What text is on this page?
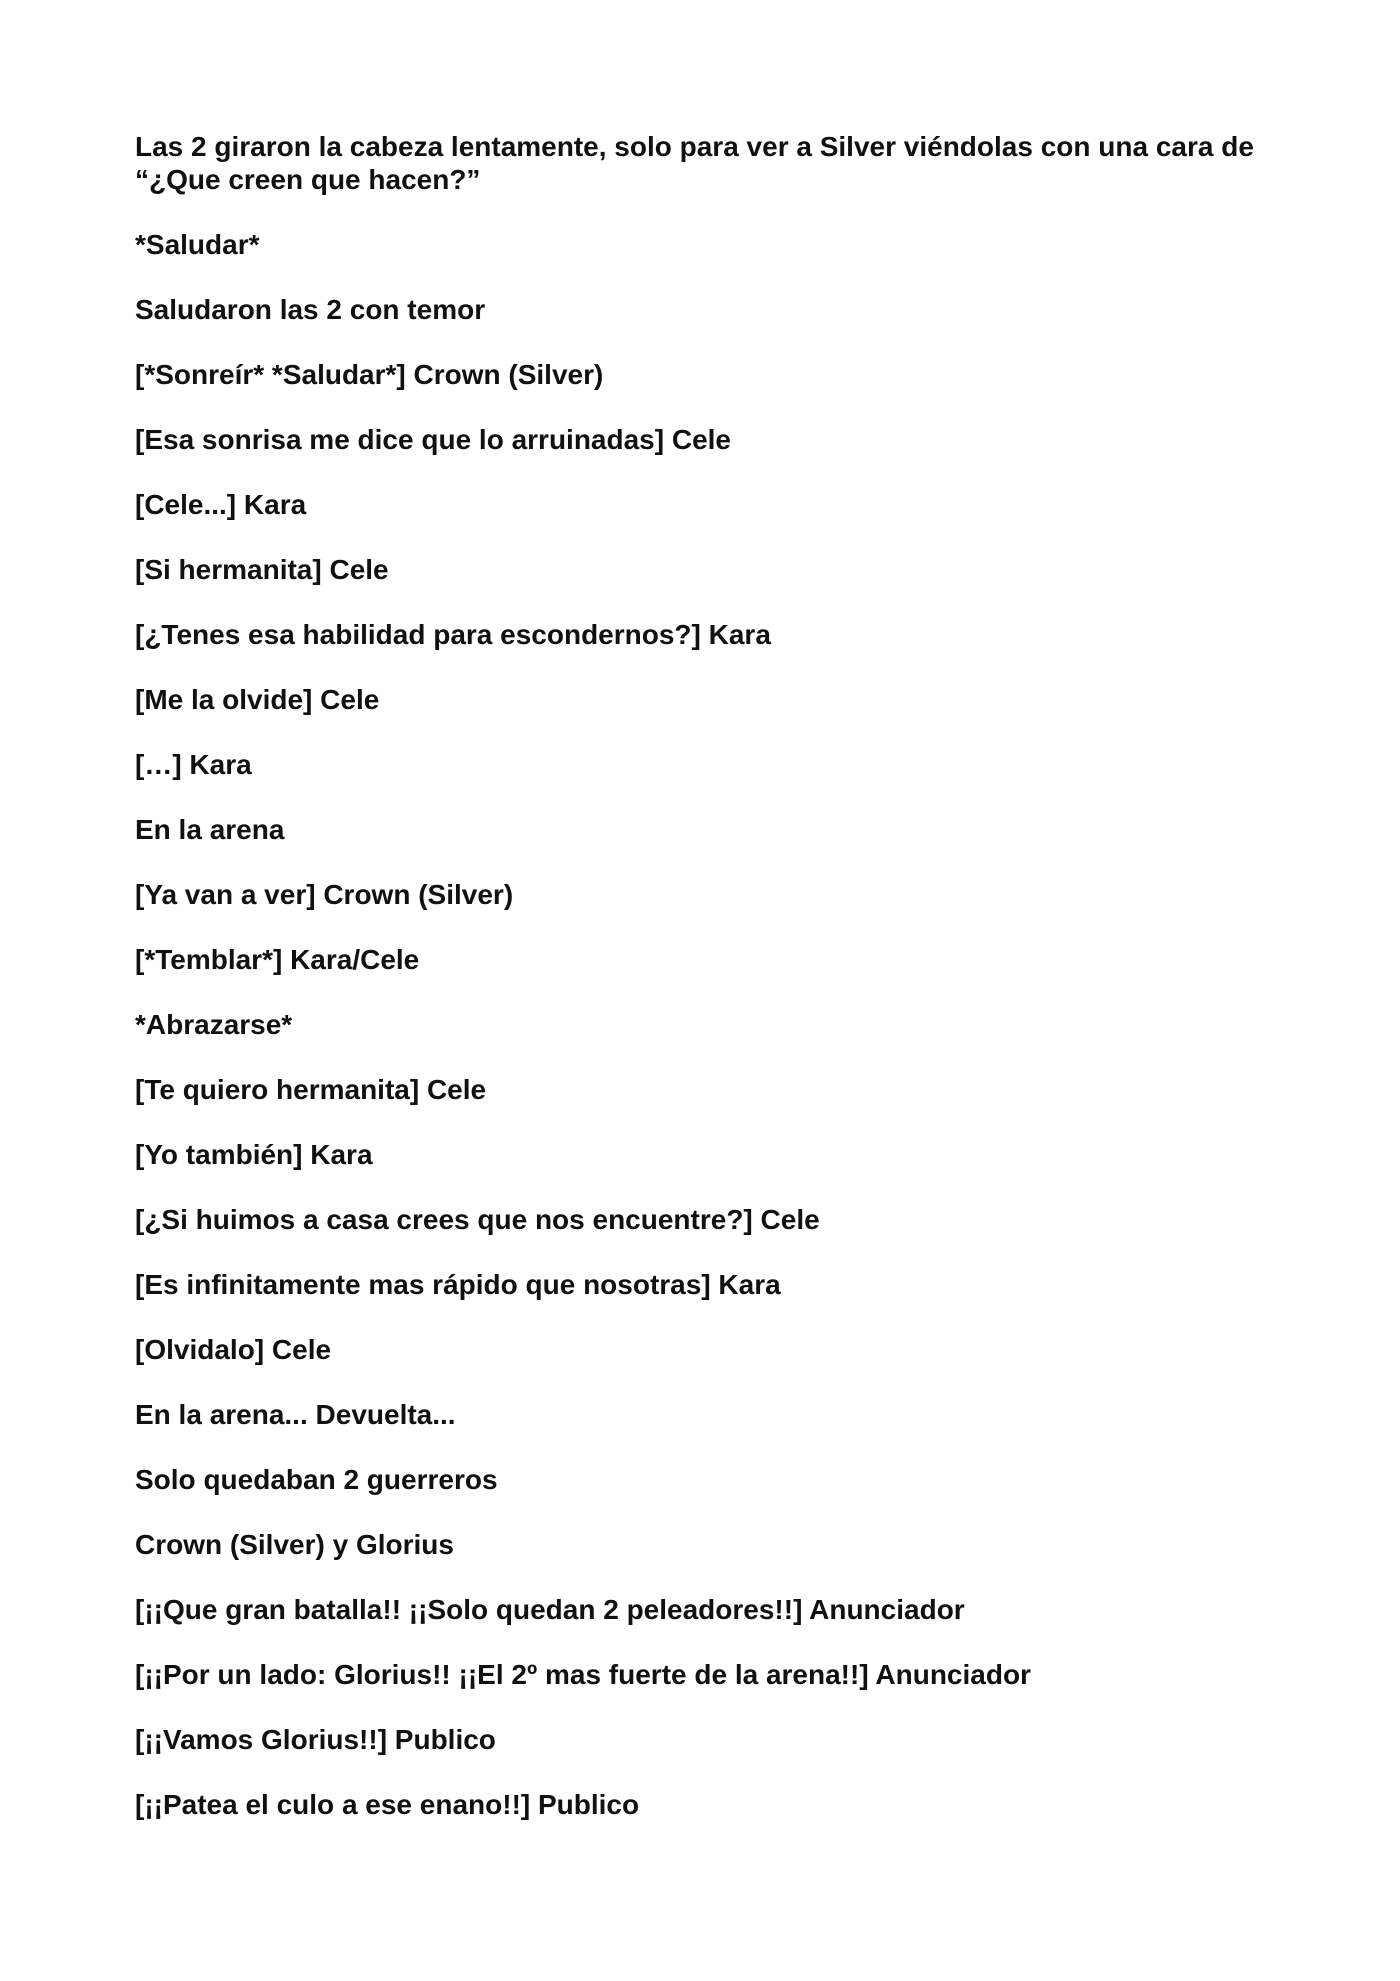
Las 2 giraron la cabeza lentamente, solo para ver a Silver viéndolas con una cara de “¿Que creen que hacen?”

*Saludar*

Saludaron las 2 con temor

[*Sonreír* *Saludar*] Crown (Silver)

[Esa sonrisa me dice que lo arruinadas] Cele

[Cele...] Kara

[Si hermanita] Cele

[¿Tenes esa habilidad para escondernos?] Kara

[Me la olvide] Cele

[…] Kara

En la arena

[Ya van a ver] Crown (Silver)

[*Temblar*] Kara/Cele

*Abrazarse*

[Te quiero hermanita] Cele

[Yo también] Kara

[¿Si huimos a casa crees que nos encuentre?] Cele

[Es infinitamente mas rápido que nosotras] Kara

[Olvidalo] Cele

En la arena... Devuelta...

Solo quedaban 2 guerreros

Crown (Silver) y Glorius

[¡¡Que gran batalla!! ¡¡Solo quedan 2 peleadores!!] Anunciador

[¡¡Por un lado: Glorius!! ¡¡El 2º mas fuerte de la arena!!] Anunciador

[¡¡Vamos Glorius!!] Publico

[¡¡Patea el culo a ese enano!!] Publico
